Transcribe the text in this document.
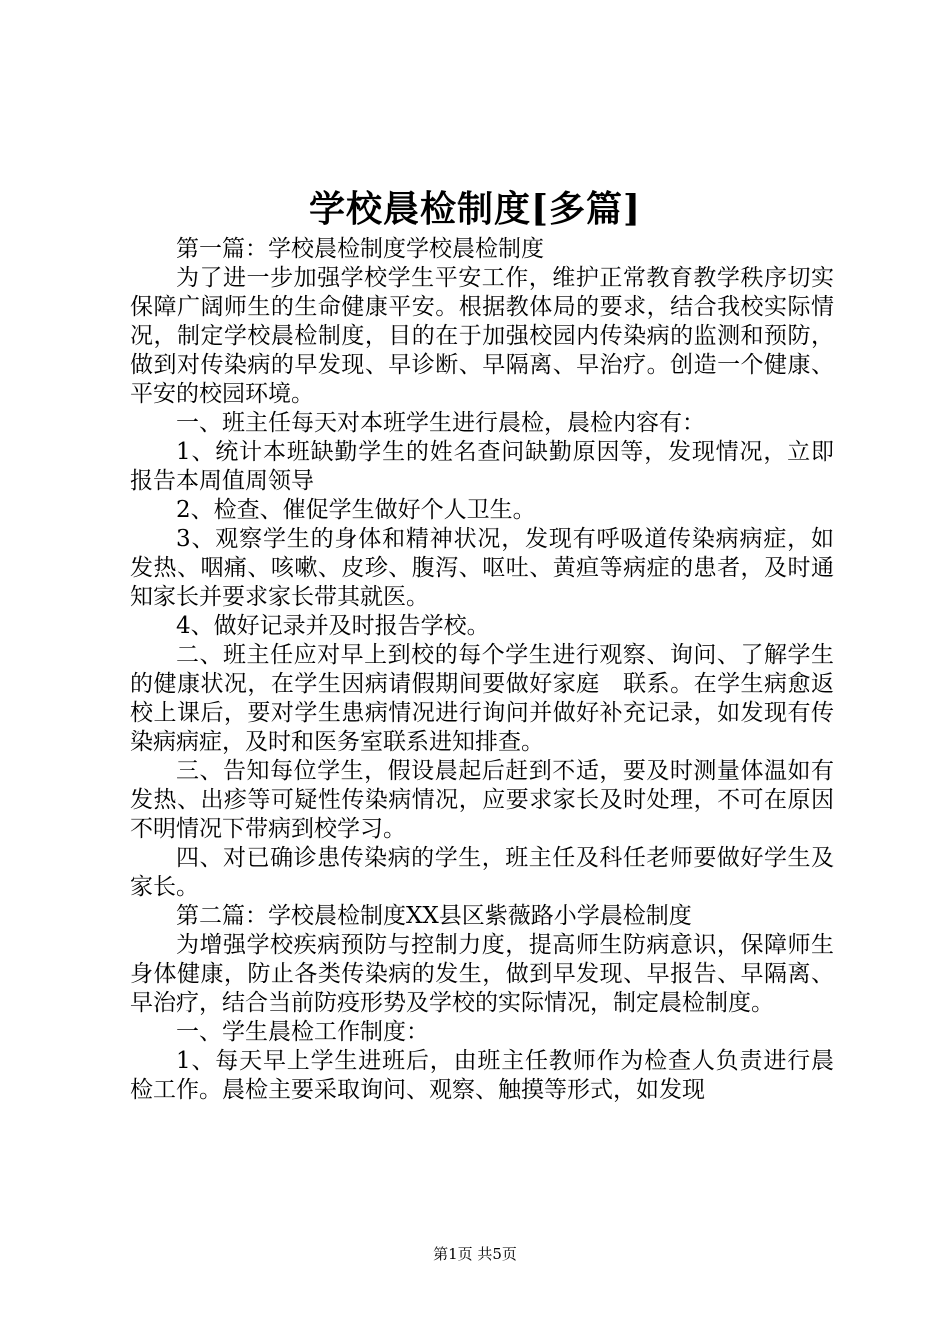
学校晨检制度[多篇]

第一篇：学校晨检制度学校晨检制度

为了进一步加强学校学生平安工作，维护正常教育教学秩序切实保障广阔师生的生命健康平安。根据教体局的要求，结合我校实际情况，制定学校晨检制度，目的在于加强校园内传染病的监测和预防，做到对传染病的早发现、早诊断、早隔离、早治疗。创造一个健康、平安的校园环境。

一、班主任每天对本班学生进行晨检，晨检内容有：

1、统计本班缺勤学生的姓名查问缺勤原因等，发现情况，立即报告本周值周领导

2、检查、催促学生做好个人卫生。

3、观察学生的身体和精神状况，发现有呼吸道传染病病症，如发热、咽痛、咳嗽、皮珍、腹泻、呕吐、黄疸等病症的患者，及时通知家长并要求家长带其就医。

4、做好记录并及时报告学校。

二、班主任应对早上到校的每个学生进行观察、询问、了解学生的健康状况，在学生因病请假期间要做好家庭　联系。在学生病愈返校上课后，要对学生患病情况进行询问并做好补充记录，如发现有传染病病症，及时和医务室联系进知排查。

三、告知每位学生，假设晨起后赶到不适，要及时测量体温如有发热、出疹等可疑性传染病情况，应要求家长及时处理，不可在原因不明情况下带病到校学习。

四、对已确诊患传染病的学生，班主任及科任老师要做好学生及家长。

第二篇：学校晨检制度XX县区紫薇路小学晨检制度

为增强学校疾病预防与控制力度，提高师生防病意识，保障师生身体健康，防止各类传染病的发生，做到早发现、早报告、早隔离、早治疗，结合当前防疫形势及学校的实际情况，制定晨检制度。

一、学生晨检工作制度：

1、每天早上学生进班后，由班主任教师作为检查人负责进行晨检工作。晨检主要采取询问、观察、触摸等形式，如发现

第1页 共5页
